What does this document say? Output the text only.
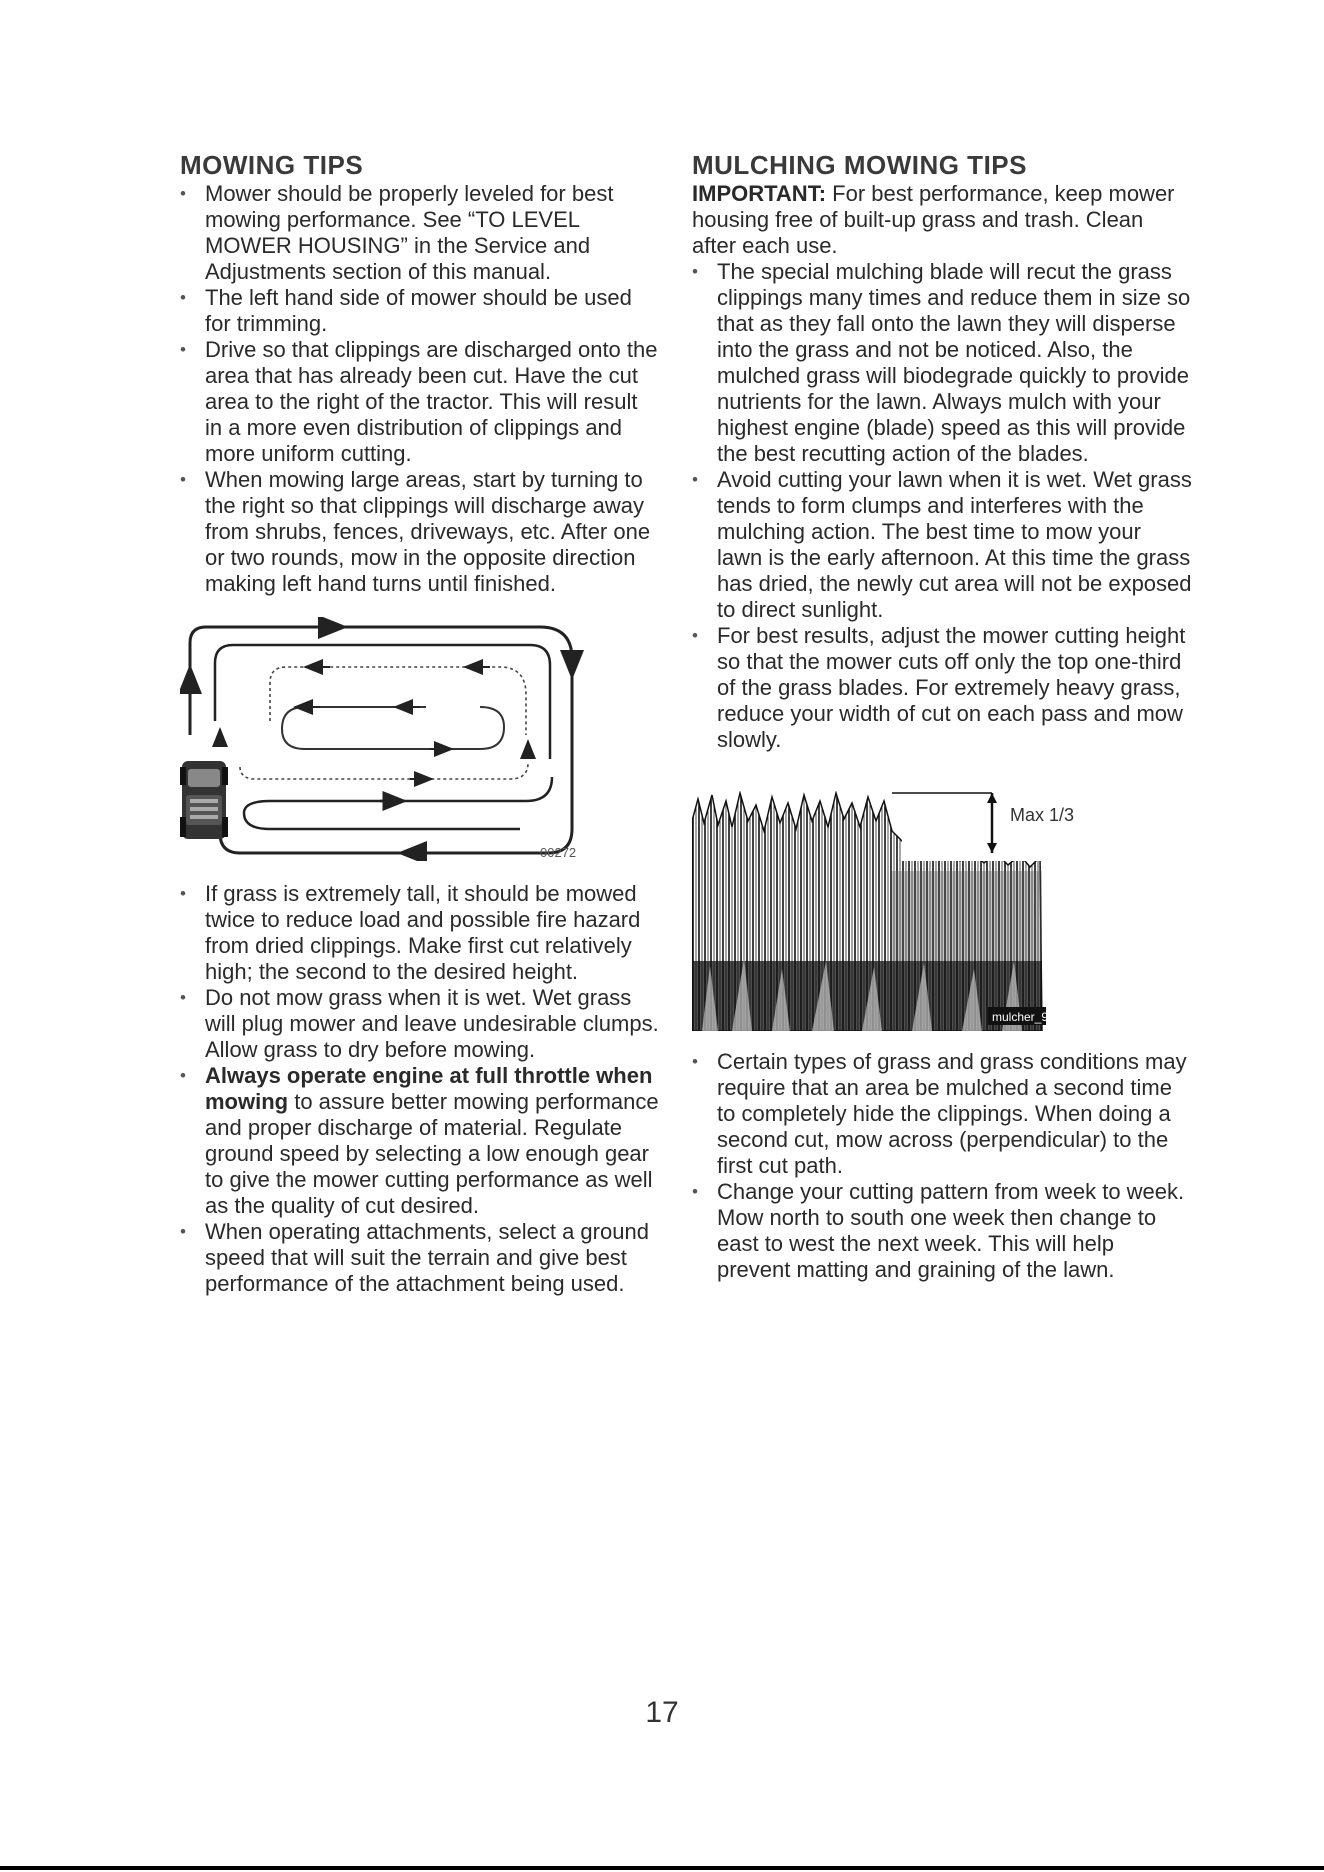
MOWING TIPS
• Mower should be properly leveled for best mowing performance. See “TO LEVEL MOWER HOUSING” in the Service and Adjustments section of this manual.
• The left hand side of mower should be used for trimming.
• Drive so that clippings are discharged onto the area that has already been cut. Have the cut area to the right of the tractor. This will result in a more even distribution of clippings and more uniform cutting.
• When mowing large areas, start by turning to the right so that clippings will discharge away from shrubs, fences, driveways, etc. After one or two rounds, mow in the opposite direction making left hand turns until finished.
00272
• If grass is extremely tall, it should be mowed twice to reduce load and possible fire hazard from dried clippings. Make first cut relatively high; the second to the desired height.
• Do not mow grass when it is wet. Wet grass will plug mower and leave undesirable clumps. Allow grass to dry before mowing.
• Always operate engine at full throttle when mowing to assure better mowing performance and proper discharge of material. Regulate ground speed by selecting a low enough gear to give the mower cutting performance as well as the quality of cut desired.
• When operating attachments, select a ground speed that will suit the terrain and give best performance of the attachment being used.
MULCHING MOWING TIPS

IMPORTANT: For best performance, keep mower housing free of built-up grass and trash. Clean after each use.

• The special mulching blade will recut the grass clippings many times and reduce them in size so that as they fall onto the lawn they will disperse into the grass and not be noticed. Also, the mulched grass will biodegrade quickly to provide nutrients for the lawn. Always mulch with your highest engine (blade) speed as this will provide the best recutting action of the blades.
• Avoid cutting your lawn when it is wet. Wet grass tends to form clumps and interferes with the mulching action. The best time to mow your lawn is the early afternoon. At this time the grass has dried, the newly cut area will not be exposed to direct sunlight.
• For best results, adjust the mower cutting height so that the mower cuts off only the top one-third of the grass blades. For extremely heavy grass, reduce your width of cut on each pass and mow slowly.
Max 1/3
mulcher_9
• Certain types of grass and grass conditions may require that an area be mulched a second time to completely hide the clippings. When doing a second cut, mow across (perpendicular) to the first cut path.
• Change your cutting pattern from week to week. Mow north to south one week then change to east to west the next week. This will help prevent matting and graining of the lawn.
17
